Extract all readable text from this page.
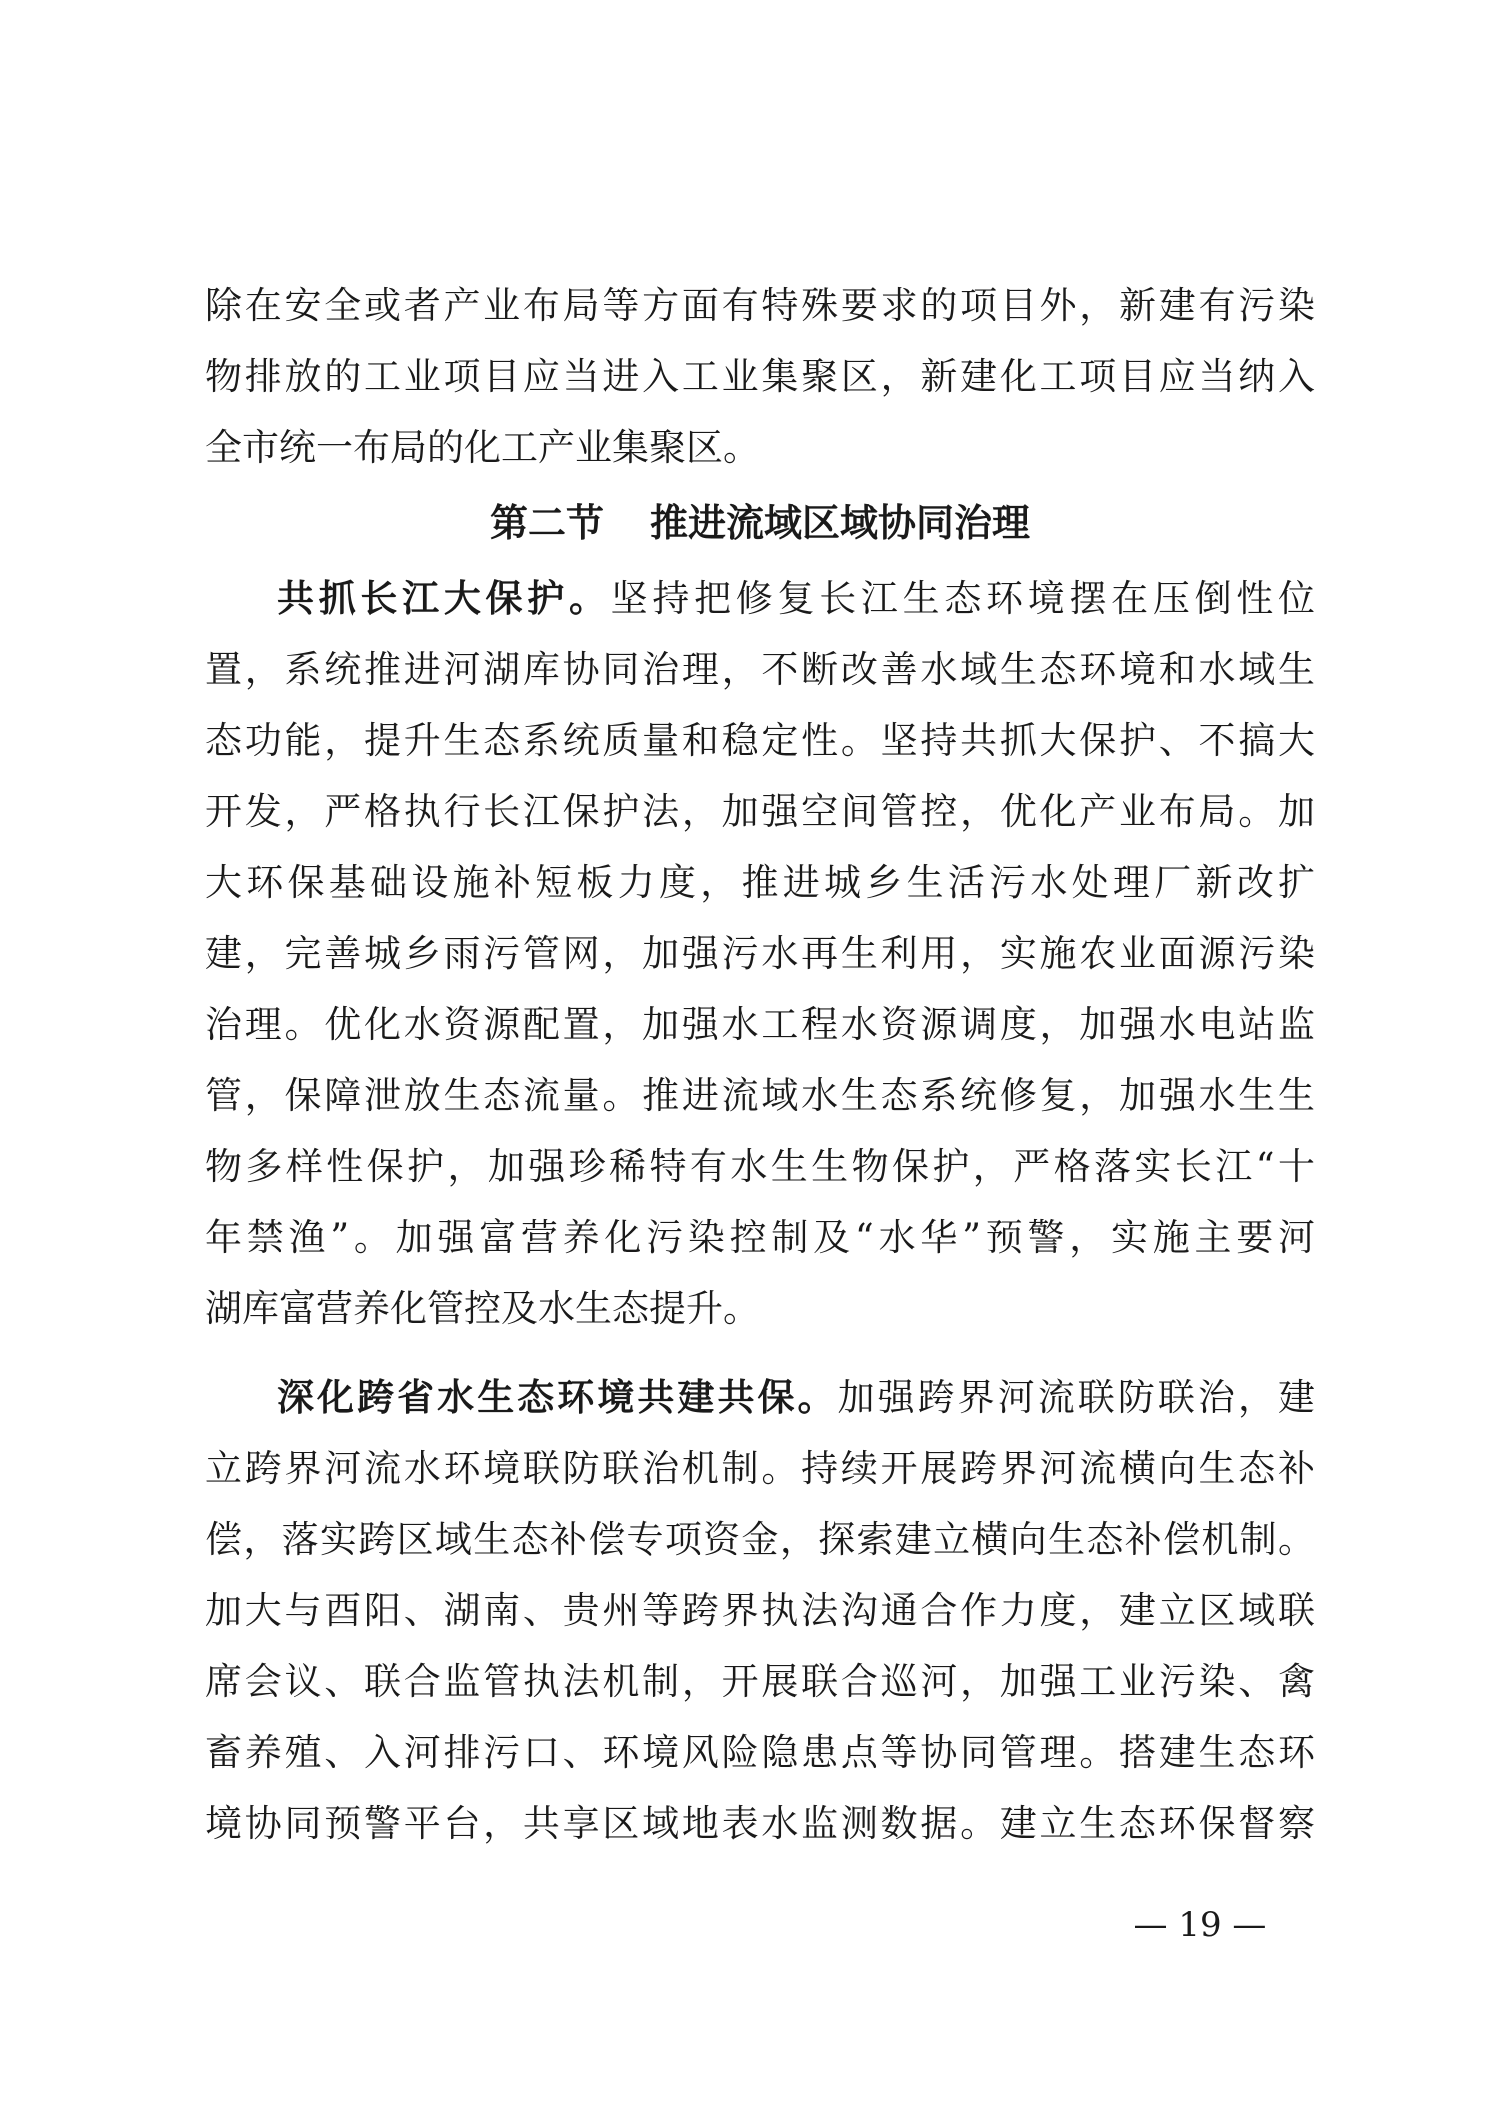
除在安全或者产业布局等方面有特殊要求的项目外，新建有污染
物排放的工业项目应当进入工业集聚区，新建化工项目应当纳入
全市统一布局的化工产业集聚区。
第二节 推进流域区域协同治理
共抓长江大保护。坚持把修复长江生态环境摆在压倒性位
置，系统推进河湖库协同治理，不断改善水域生态环境和水域生
态功能，提升生态系统质量和稳定性。坚持共抓大保护、不搞大
开发，严格执行长江保护法，加强空间管控，优化产业布局。加
大环保基础设施补短板力度，推进城乡生活污水处理厂新改扩
建，完善城乡雨污管网，加强污水再生利用，实施农业面源污染
治理。优化水资源配置，加强水工程水资源调度，加强水电站监
管，保障泄放生态流量。推进流域水生态系统修复，加强水生生
物多样性保护，加强珍稀特有水生生物保护，严格落实长江“十
年禁渔”。加强富营养化污染控制及“水华”预警，实施主要河
湖库富营养化管控及水生态提升。
深化跨省水生态环境共建共保。加强跨界河流联防联治，建
立跨界河流水环境联防联治机制。持续开展跨界河流横向生态补
偿，落实跨区域生态补偿专项资金，探索建立横向生态补偿机制。
加大与酉阳、湖南、贵州等跨界执法沟通合作力度，建立区域联
席会议、联合监管执法机制，开展联合巡河，加强工业污染、禽
畜养殖、入河排污口、环境风险隐患点等协同管理。搭建生态环
境协同预警平台，共享区域地表水监测数据。建立生态环保督察
— 19 —
